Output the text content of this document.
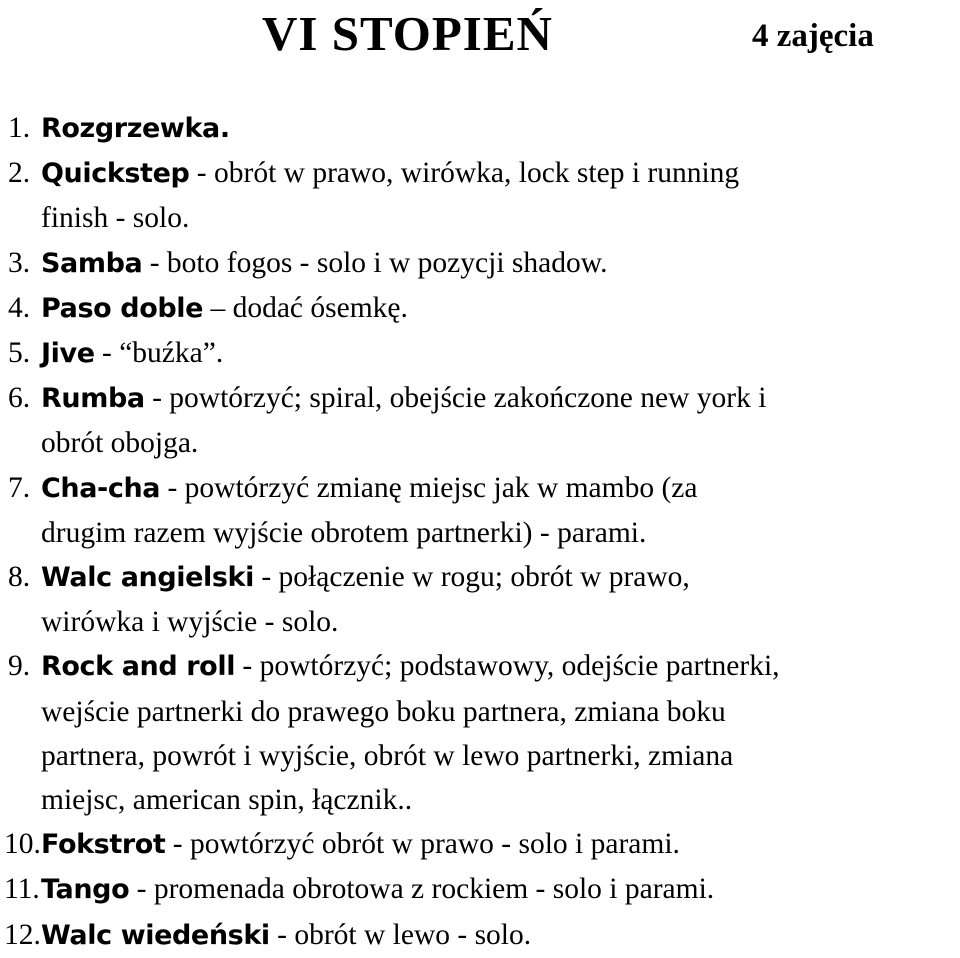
VI STOPIEŃ	4 zajęcia
1. Rozgrzewka.
2. Quickstep - obrót w prawo, wirówka, lock step i running
finish - solo.
3. Samba - boto fogos - solo i w pozycji shadow.
4. Paso doble – dodać ósemkę.
5. Jive - “buźka”.
6. Rumba - powtórzyć; spiral, obejście zakończone new york i
obrót obojga.
7. Cha-cha - powtórzyć zmianę miejsc jak w mambo (za
drugim razem wyjście obrotem partnerki) - parami.
8. Walc angielski - połączenie w rogu; obrót w prawo,
wirówka i wyjście - solo.
9. Rock and roll - powtórzyć; podstawowy, odejście partnerki,
wejście partnerki do prawego boku partnera, zmiana boku
partnera, powrót i wyjście, obrót w lewo partnerki, zmiana
miejsc, american spin, łącznik..
10. Fokstrot - powtórzyć obrót w prawo - solo i parami.
11. Tango - promenada obrotowa z rockiem - solo i parami.
12. Walc wiedeński - obrót w lewo - solo.
